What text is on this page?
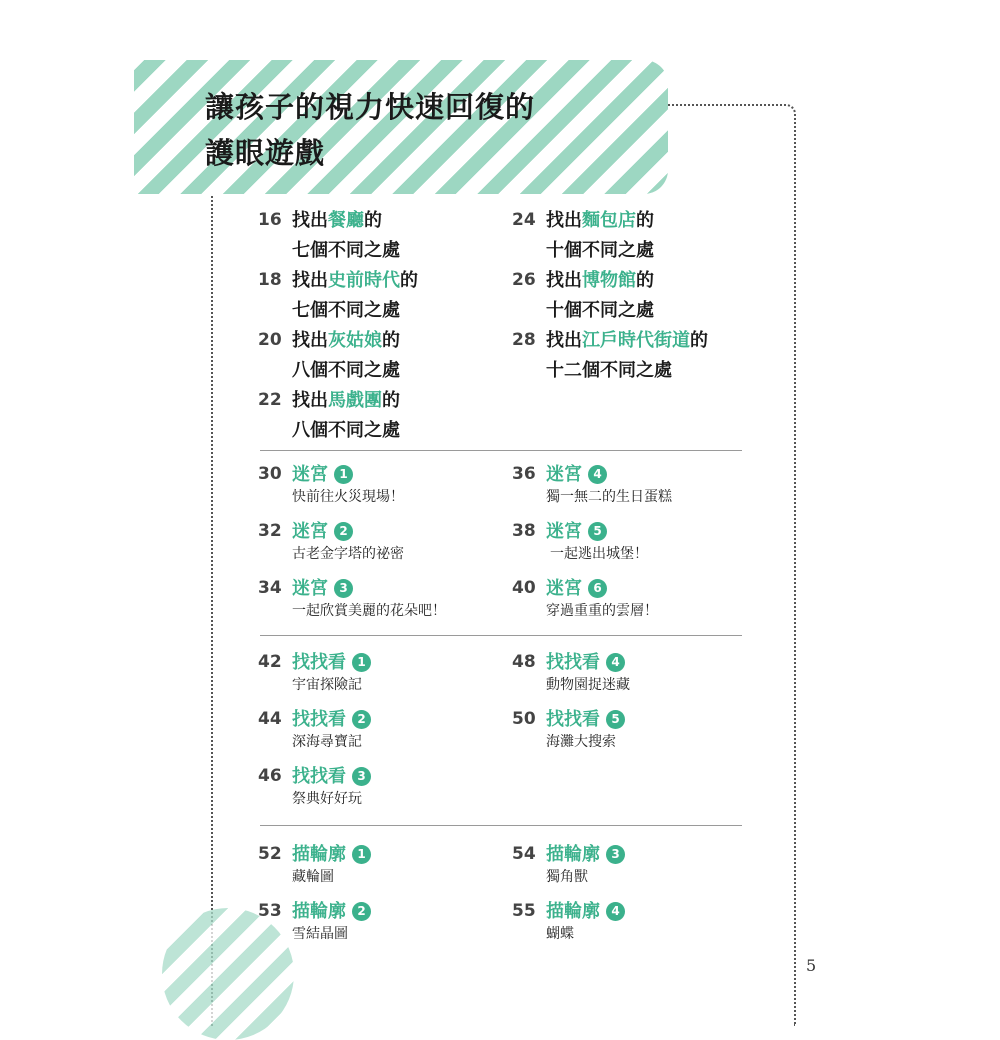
讓孩子的視力快速回復的
護眼遊戲
16 找出餐廳的
七個不同之處
18 找出史前時代的
七個不同之處
20 找出灰姑娘的
八個不同之處
22 找出馬戲團的
八個不同之處
24 找出麵包店的
十個不同之處
26 找出博物館的
十個不同之處
28 找出江戶時代街道的
十二個不同之處
30 迷宮 1
快前往火災現場！
32 迷宮 2
古老金字塔的祕密
34 迷宮 3
一起欣賞美麗的花朵吧！
36 迷宮 4
獨一無二的生日蛋糕
38 迷宮 5
一起逃出城堡！
40 迷宮 6
穿過重重的雲層！
42 找找看 1
宇宙探險記
44 找找看 2
深海尋寶記
46 找找看 3
祭典好好玩
48 找找看 4
動物園捉迷藏
50 找找看 5
海灘大搜索
52 描輪廓 1
藏輪圖
53 描輪廓 2
雪結晶圖
54 描輪廓 3
獨角獸
55 描輪廓 4
蝴蝶
5
